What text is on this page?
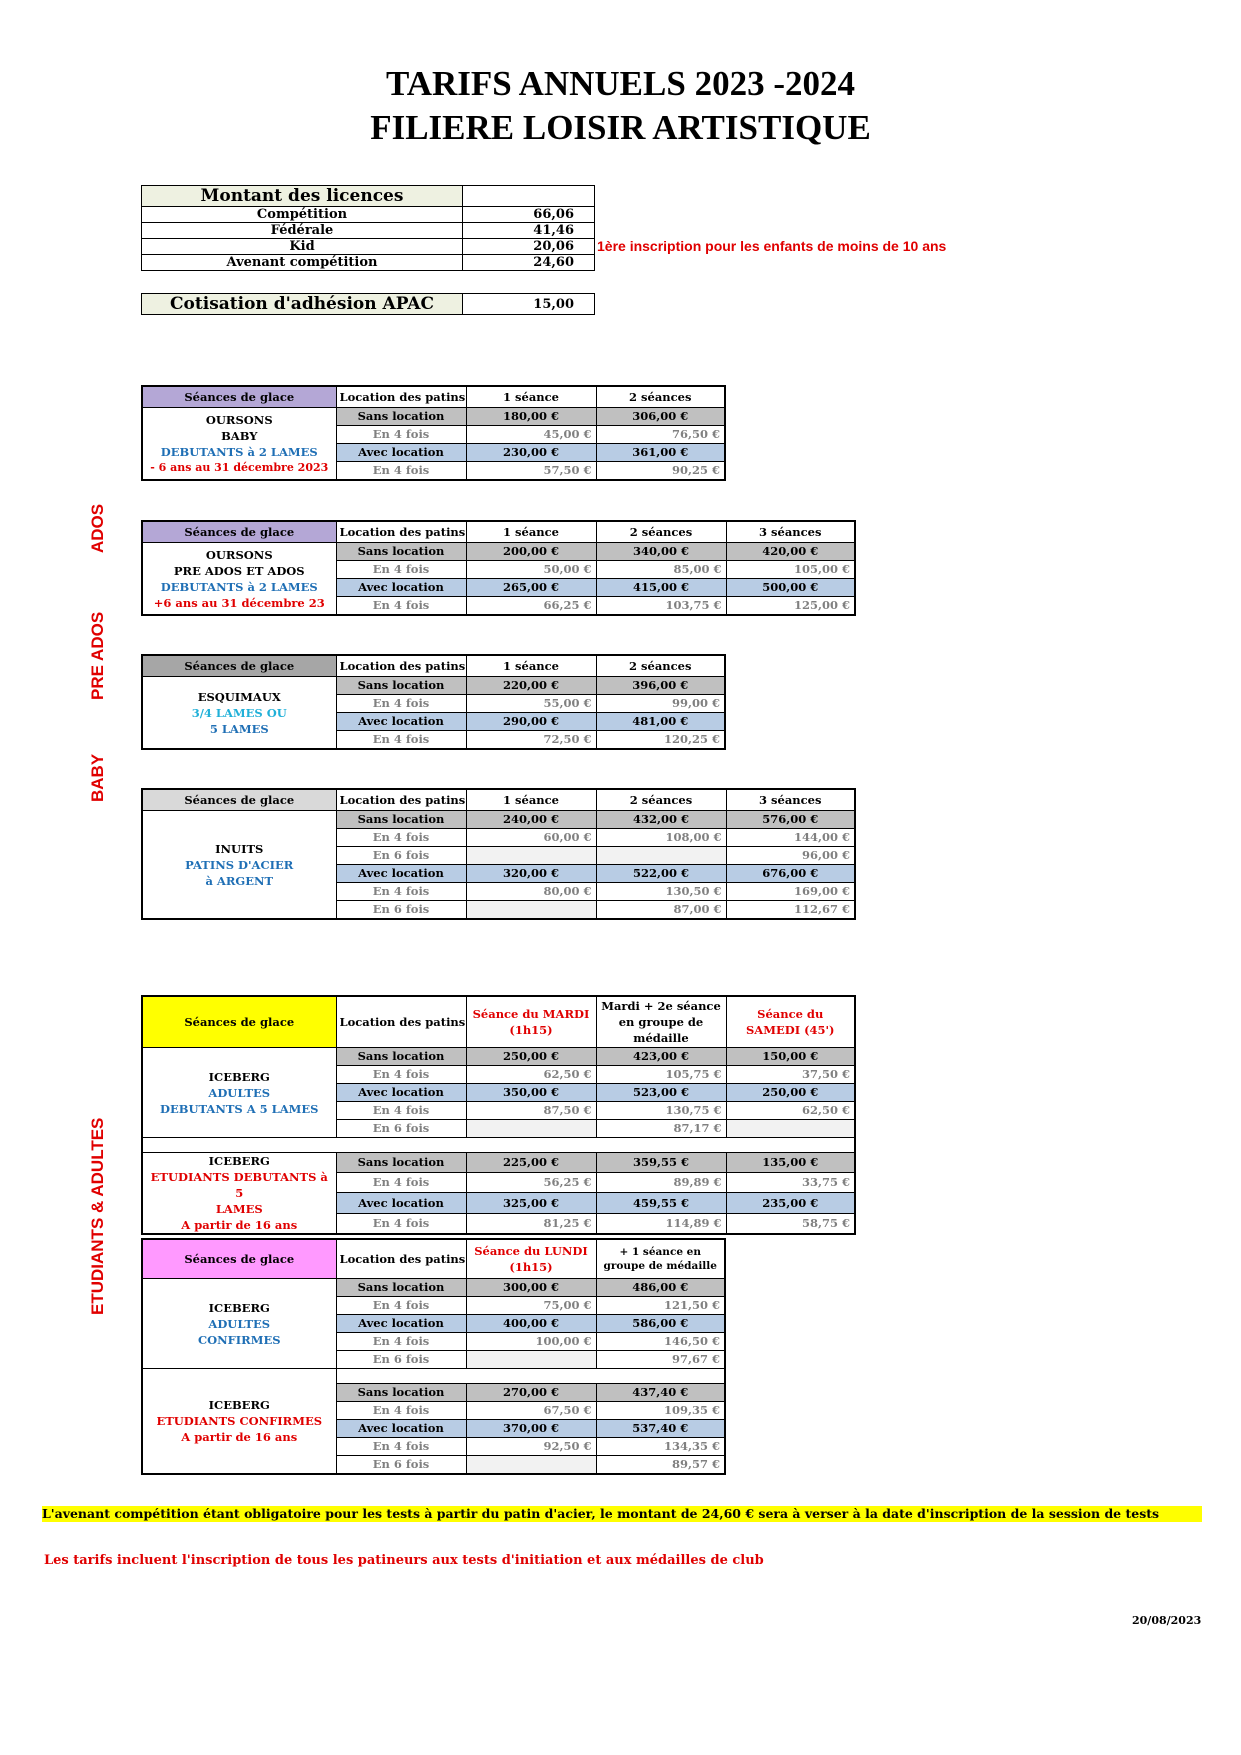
TARIFS ANNUELS 2023 -2024
FILIERE LOISIR ARTISTIQUE
Montant des licences	
Compétition	66,06
Fédérale	41,46
Kid	20,06
Avenant compétition	24,60
1ère inscription pour les enfants de moins de 10 ans
Cotisation d'adhésion APAC	15,00
ADOS
PRE ADOS
BABY
ETUDIANTS & ADULTES
Séances de glace	Location des patins	1 séance	2 séances

OURSONS
BABY
DEBUTANTS à 2 LAMES
- 6 ans au 31 décembre 2023	Sans location	180,00 €	306,00 €
	En 4 fois	45,00 €	76,50 €
	Avec location	230,00 €	361,00 €
	En 4 fois	57,50 €	90,25 €
Séances de glace	Location des patins	1 séance	2 séances	3 séances

OURSONS
PRE ADOS ET ADOS
DEBUTANTS à 2 LAMES
+6 ans au 31 décembre 23	Sans location	200,00 €	340,00 €	420,00 €
	En 4 fois	50,00 €	85,00 €	105,00 €
	Avec location	265,00 €	415,00 €	500,00 €
	En 4 fois	66,25 €	103,75 €	125,00 €
Séances de glace	Location des patins	1 séance	2 séances

ESQUIMAUX
3/4 LAMES OU
5 LAMES	Sans location	220,00 €	396,00 €
	En 4 fois	55,00 €	99,00 €
	Avec location	290,00 €	481,00 €
	En 4 fois	72,50 €	120,25 €
Séances de glace	Location des patins	1 séance	2 séances	3 séances

INUITS
PATINS D'ACIER
à ARGENT	Sans location	240,00 €	432,00 €	576,00 €
	En 4 fois	60,00 €	108,00 €	144,00 €
	En 6 fois			96,00 €
	Avec location	320,00 €	522,00 €	676,00 €
	En 4 fois	80,00 €	130,50 €	169,00 €
	En 6 fois		87,00 €	112,67 €
Séances de glace	Location des patins	Séance du MARDI (1h15)	Mardi + 2e séance en groupe de médaille	Séance du SAMEDI (45')

ICEBERG
ADULTES
DEBUTANTS A 5 LAMES	Sans location	250,00 €	423,00 €	150,00 €
	En 4 fois	62,50 €	105,75 €	37,50 €
	Avec location	350,00 €	523,00 €	250,00 €
	En 4 fois	87,50 €	130,75 €	62,50 €
	En 6 fois		87,17 €	

ICEBERG
ETUDIANTS DEBUTANTS à 5
LAMES
A partir de 16 ans	Sans location	225,00 €	359,55 €	135,00 €
	En 4 fois	56,25 €	89,89 €	33,75 €
	Avec location	325,00 €	459,55 €	235,00 €
	En 4 fois	81,25 €	114,89 €	58,75 €
Séances de glace	Location des patins	Séance du LUNDI (1h15)	+ 1 séance en groupe de médaille

ICEBERG
ADULTES
CONFIRMES	Sans location	300,00 €	486,00 €
	En 4 fois	75,00 €	121,50 €
	Avec location	400,00 €	586,00 €
	En 4 fois	100,00 €	146,50 €
	En 6 fois		97,67 €

ICEBERG
ETUDIANTS CONFIRMES
A partir de 16 ans			

	Sans location	270,00 €	437,40 €
	En 4 fois	67,50 €	109,35 €
	Avec location	370,00 €	537,40 €
	En 4 fois	92,50 €	134,35 €
	En 6 fois		89,57 €
L'avenant compétition étant obligatoire pour les tests à partir du patin d'acier, le montant de 24,60 € sera à verser à la date d'inscription de la session de tests
Les tarifs incluent l'inscription de tous les patineurs aux tests d'initiation et aux médailles de club
20/08/2023
